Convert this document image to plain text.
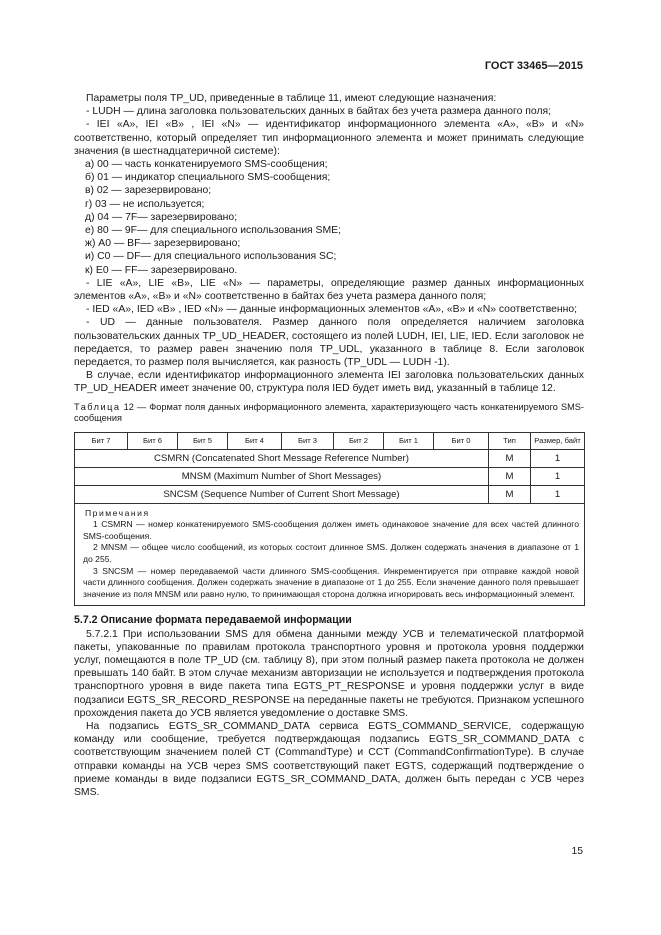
ГОСТ 33465—2015

Параметры поля TP_UD, приведенные в таблице 11, имеют следующие назначения:

- LUDH — длина заголовка пользовательских данных в байтах без учета размера данного поля;

- IEI «A», IEI «B» , IEI «N» — идентификатор информационного элемента «A», «B» и «N» соответственно, который определяет тип информационного элемента и может принимать следующие значения (в шестнадцатеричной системе):

а) 00 — часть конкатенируемого SMS-сообщения;

б) 01 — индикатор специального SMS-сообщения;

в) 02 — зарезервировано;

г) 03 — не используется;

д) 04 — 7F— зарезервировано;

е) 80 — 9F— для специального использования SME;

ж) A0 — BF— зарезервировано;

и) C0 — DF— для специального использования SC;

к) E0 — FF— зарезервировано.

- LIE «A», LIE «B», LIE «N» — параметры, определяющие размер данных информационных элементов «A», «B» и «N» соответственно в байтах без учета размера данного поля;

- IED «A», IED «B» , IED «N» — данные информационных элементов «A», «B» и «N» соответственно;

- UD — данные пользователя. Размер данного поля определяется наличием заголовка пользовательских данных TP_UD_HEADER, состоящего из полей LUDH, IEI, LIE, IED. Если заголовок не передается, то размер равен значению поля TP_UDL, указанного в таблице 8. Если заголовок передается, то размер поля вычисляется, как разность (TP_UDL — LUDH -1).

В случае, если идентификатор информационного элемента IEI заголовка пользовательских данных TP_UD_HEADER имеет значение 00, структура поля IED будет иметь вид, указанный в таблице 12.

Таблица 12 — Формат поля данных информационного элемента, характеризующего часть конкатенируемого SMS-сообщения

Бит 7	Бит 6	Бит 5	Бит 4	Бит 3	Бит 2	Бит 1	Бит 0	Тип	Размер, байт
CSMRN (Concatenated Short Message Reference Number)								M	1
MNSM (Maximum Number of Short Messages)								M	1
SNCSM (Sequence Number of Current Short Message)								M	1

Примечания

1 CSMRN — номер конкатенируемого SMS-сообщения должен иметь одинаковое значение для всех частей длинного SMS-сообщения.

2 MNSM — общее число сообщений, из которых состоит длинное SMS. Должен содержать значения в диапазоне от 1 до 255.

3 SNCSM — номер передаваемой части длинного SMS-сообщения. Инкрементируется при отправке каждой новой части длинного сообщения. Должен содержать значение в диапазоне от 1 до 255. Если значение данного поля превышает значение из поля MNSM или равно нулю, то принимающая сторона должна игнорировать весь информационный элемент.									

5.7.2 Описание формата передаваемой информации

5.7.2.1 При использовании SMS для обмена данными между УСВ и телематической платформой пакеты, упакованные по правилам протокола транспортного уровня и протокола уровня поддержки услуг, помещаются в поле TP_UD (см. таблицу 8), при этом полный размер пакета протокола не должен превышать 140 байт. В этом случае механизм авторизации не используется и подтверждения протокола транспортного уровня в виде пакета типа EGTS_PT_RESPONSE и уровня поддержки услуг в виде подзаписи EGTS_SR_RECORD_RESPONSE на переданные пакеты не требуются. Признаком успешного прохождения пакета до УСВ является уведомление о доставке SMS.

На подзапись EGTS_SR_COMMAND_DATA сервиса EGTS_COMMAND_SERVICE, содержащую команду или сообщение, требуется подтверждающая подзапись EGTS_SR_COMMAND_DATA с соответствующим значением полей CT (CommandType) и CCT (CommandConfirmationType). В случае отправки команды на УСВ через SMS соответствующий пакет EGTS, содержащий подтверждение о приеме команды в виде подзаписи EGTS_SR_COMMAND_DATA, должен быть передан с УСВ через SMS.

15
